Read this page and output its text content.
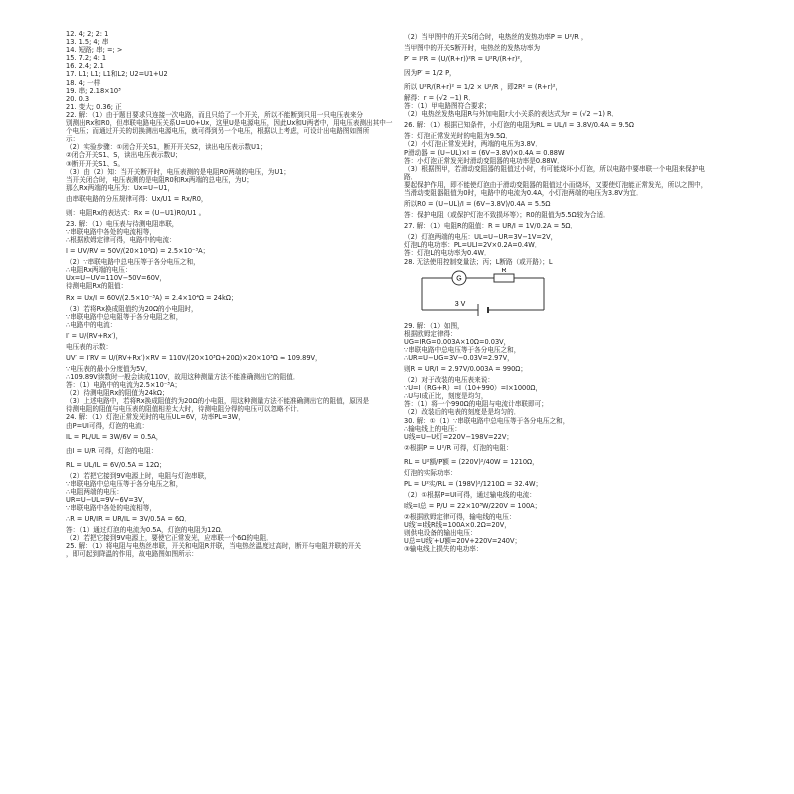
12. 4; 2; 2: 1
13. 1.5; 4; 串
14. 短路; 串; =; >
15. 7.2; 4: 1
16. 2.4; 2.1
17. L1; L1; L1和L2; U2=U1+U2
18. 4; 一样
19. 串; 2.18×10³
20. 0.3
21. 变大; 0.36; 正
22. 解：（1）由于题目要求只连接一次电路，而且只给了一个开关，所以不能断到只用一只电压表来分
别测出Rx和R0，但串联电路电压关系U=U0+Ux，这里U是电源电压，因此Ux和U两者中，用电压表测出其中一
个电压；而通过开关的切换测出电源电压，就可得到另一个电压，根据以上考虑，可设计出电路图如图所
示：
（2）实验步骤：①闭合开关S1，断开开关S2，读出电压表示数U1；
②闭合开关S1、S，读出电压表示数U；
③断开开关S1、S。
（3）由（2）知：当开关断开时，电压表测的是电阻R0两端的电压，为U1；
当开关闭合时，电压表测的是电阻R0和Rx两端的总电压，为U；
那么Rx两端的电压为：Ux=U−U1，
由串联电路的分压规律可得：Ux/U1 = Rx/R0，
则：电阻Rx的表达式：Rx = (U−U1)R0/U1 。
23. 解：（1）电压表与待测电阻串联，
∵串联电路中各处的电流相等，
∴根据欧姆定律可得，电路中的电流：
I = UV/RV = 50V/(20×10³Ω) = 2.5×10⁻³A；
（2）∵串联电路中总电压等于各分电压之和，
∴电阻Rx两端的电压：
Ux=U−UV=110V−50V=60V，
待测电阻Rx的阻值：
Rx = Ux/I = 60V/(2.5×10⁻³A) = 2.4×10⁴Ω = 24kΩ；
（3）若将Rx换成阻值约为20Ω的小电阻时，
∵串联电路中总电阻等于各分电阻之和，
∴电路中的电流：
I′ = U/(RV+Rx′)，
电压表的示数：
UV′ = I′RV = U/(RV+Rx′)×RV = 110V/(20×10³Ω+20Ω)×20×10³Ω ≈ 109.89V，
∵电压表的最小分度值为5V，
∴109.89V读数时一般会读成110V，故用这种测量方法不能准确测出它的阻值．
答：（1）电路中的电流为2.5×10⁻³A；
（2）待测电阻Rx的阻值为24kΩ；
（3）上述电路中，若将Rx换成阻值约为20Ω的小电阻，用这种测量方法不能准确测出它的阻值，原因是
待测电阻的阻值与电压表的阻值相差太大时，待测电阻分得的电压可以忽略不计．
24. 解：（1）灯泡正常发光时的电压UL=6V，功率PL=3W，
由P=UI可得，灯泡的电流：
IL = PL/UL = 3W/6V = 0.5A，
由I = U/R 可得，灯泡的电阻：
RL = UL/IL = 6V/0.5A = 12Ω；
（2）若把它接到9V电源上时，电阻与灯泡串联，
∵串联电路中总电压等于各分电压之和，
∴电阻两端的电压：
UR=U−UL=9V−6V=3V，
∵串联电路中各处的电流相等，
∴R = UR/IR = UR/IL = 3V/0.5A = 6Ω．
答：（1）通过灯泡的电流为0.5A，灯泡的电阻为12Ω．
（2）若把它接到9V电源上，要使它正常发光，应串联一个6Ω的电阻．
25. 解：（1）将电阻与电热丝串联，开关和电阻R并联，当电热丝温度过高时，断开与电阻并联的开关
，即可起到降温的作用，故电路图如图所示：
（2）当甲图中的开关S闭合时，电热丝的发热功率P = U²/R ，
当甲图中的开关S断开时，电热丝的发热功率为
P′ = I²R = (U/(R+r))²R = U²R/(R+r)²，
因为P′ = 1/2 P，
所以 U²R/(R+r)² = 1/2 × U²/R ，即2R² = (R+r)²，
解得：r = (√2 −1) R．
答：（1）甲电路图符合要求；
（2）电热丝发热电阻R与外加电阻r大小关系的表达式为r = (√2 −1) R．
26. 解：（1）根据已知条件，小灯泡的电阻为RL = UL/I = 3.8V/0.4A = 9.5Ω
答：灯泡正常发光时的电阻为9.5Ω．
（2）小灯泡正常发光时，两端的电压为3.8V．
P滑动器 = (U−UL)×I = (6V−3.8V)×0.4A = 0.88W
答：小灯泡正常发光时滑动变阻器的电功率是0.88W．
（3）根据图甲，若滑动变阻器的阻值过小时，有可能烧坏小灯泡，所以电路中要串联一个电阻来保护电
路．
要起保护作用，即不能使灯泡由于滑动变阻器的阻值过小而烧坏，又要使灯泡能正常发光，所以之图中，
当滑动变阻器阻值为0时，电路中的电流为0.4A，小灯泡两端的电压为3.8V为宜．
所以R0 = (U−UL)/I = (6V−3.8V)/0.4A = 5.5Ω
答：保护电阻（或保护灯泡不致损坏等）；R0的阻值为5.5Ω较为合适．
27. 解：（1）电阻R的阻值：R = UR/I = 1V/0.2A = 5Ω．
（2）灯泡两端的电压：UL=U−UR=3V−1V=2V，
灯泡L的电功率：PL=ULI=2V×0.2A=0.4W．
答：灯泡L的电功率为0.4W．
28. 无法使用控制变量法；丙；L断路（或开路）；L
G
R
3 V
29. 解：（1）如图，
根据欧姆定律得：
UG=IRG=0.003A×10Ω=0.03V，
∵串联电路中总电压等于各分电压之和，
∴UR=U−UG=3V−0.03V=2.97V，
则R = UR/I = 2.97V/0.003A = 990Ω；
（2）对于改装的电压表来说：
∵U=I（RG+R）=I（10+990）=I×1000Ω，
∴U与I成正比，刻度是均匀，
答：（1）将一个990Ω的电阻与电流计串联即可；
（2）改装后的电表的刻度是是均匀的．
30. 解：①（1）∵串联电路中总电压等于各分电压之和，
∴输电线上的电压：
U线=U−U灯=220V−198V=22V；
②根据P = U²/R 可得，灯泡的电阻：
RL = U²额/P额 = (220V)²/40W = 1210Ω，
灯泡的实际功率：
PL = U²实/RL = (198V)²/1210Ω = 32.4W；
（2）①根据P=UI可得，通过输电线的电流：
I线=I总 = P/U = 22×10³W/220V = 100A；
②根据欧姆定律可得，输电线的电压：
U线′=I线R线=100A×0.2Ω=20V，
则供电设备的输出电压：
U总=U线′+U额=20V+220V=240V；
③输电线上损失的电功率：
